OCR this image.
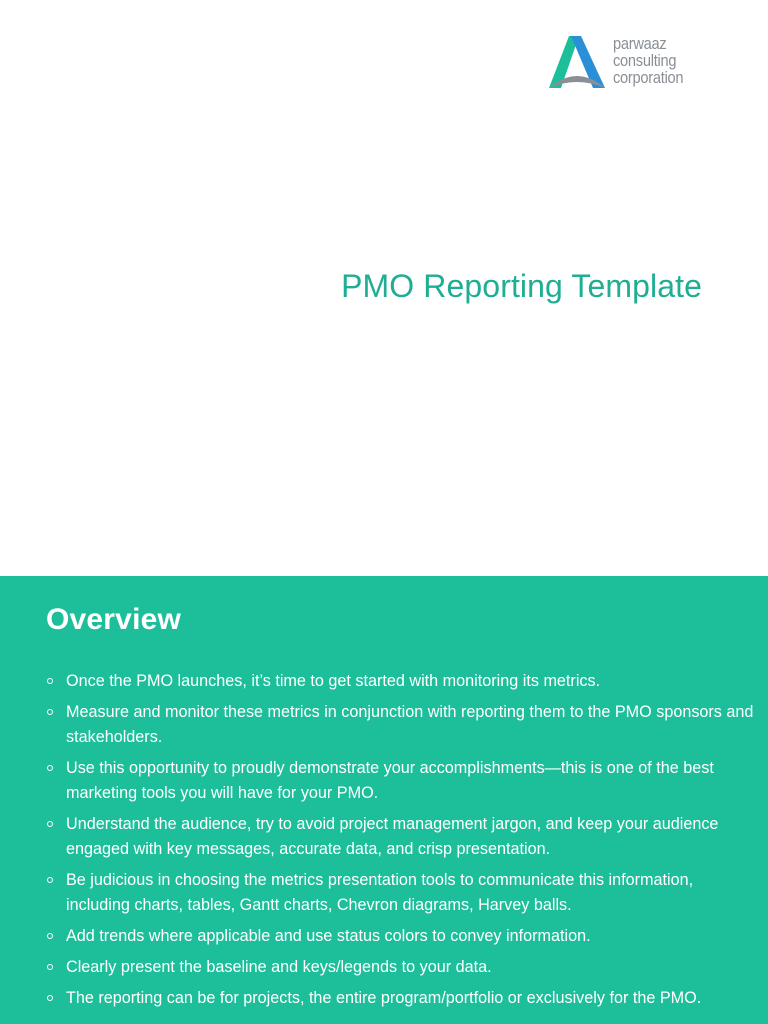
parwaaz
consulting
corporation
PMO Reporting Template
Overview
Once the PMO launches, it’s time to get started with monitoring its metrics.
Measure and monitor these metrics in conjunction with reporting them to the PMO sponsors and stakeholders.
Use this opportunity to proudly demonstrate your accomplishments—this is one of the best marketing tools you will have for your PMO.
Understand the audience, try to avoid project management jargon, and keep your audience engaged with key messages, accurate data, and crisp presentation.
Be judicious in choosing the metrics presentation tools to communicate this information, including charts, tables, Gantt charts, Chevron diagrams, Harvey balls.
Add trends where applicable and use status colors to convey information.
Clearly present the baseline and keys/legends to your data.
The reporting can be for projects, the entire program/portfolio or exclusively for the PMO.
